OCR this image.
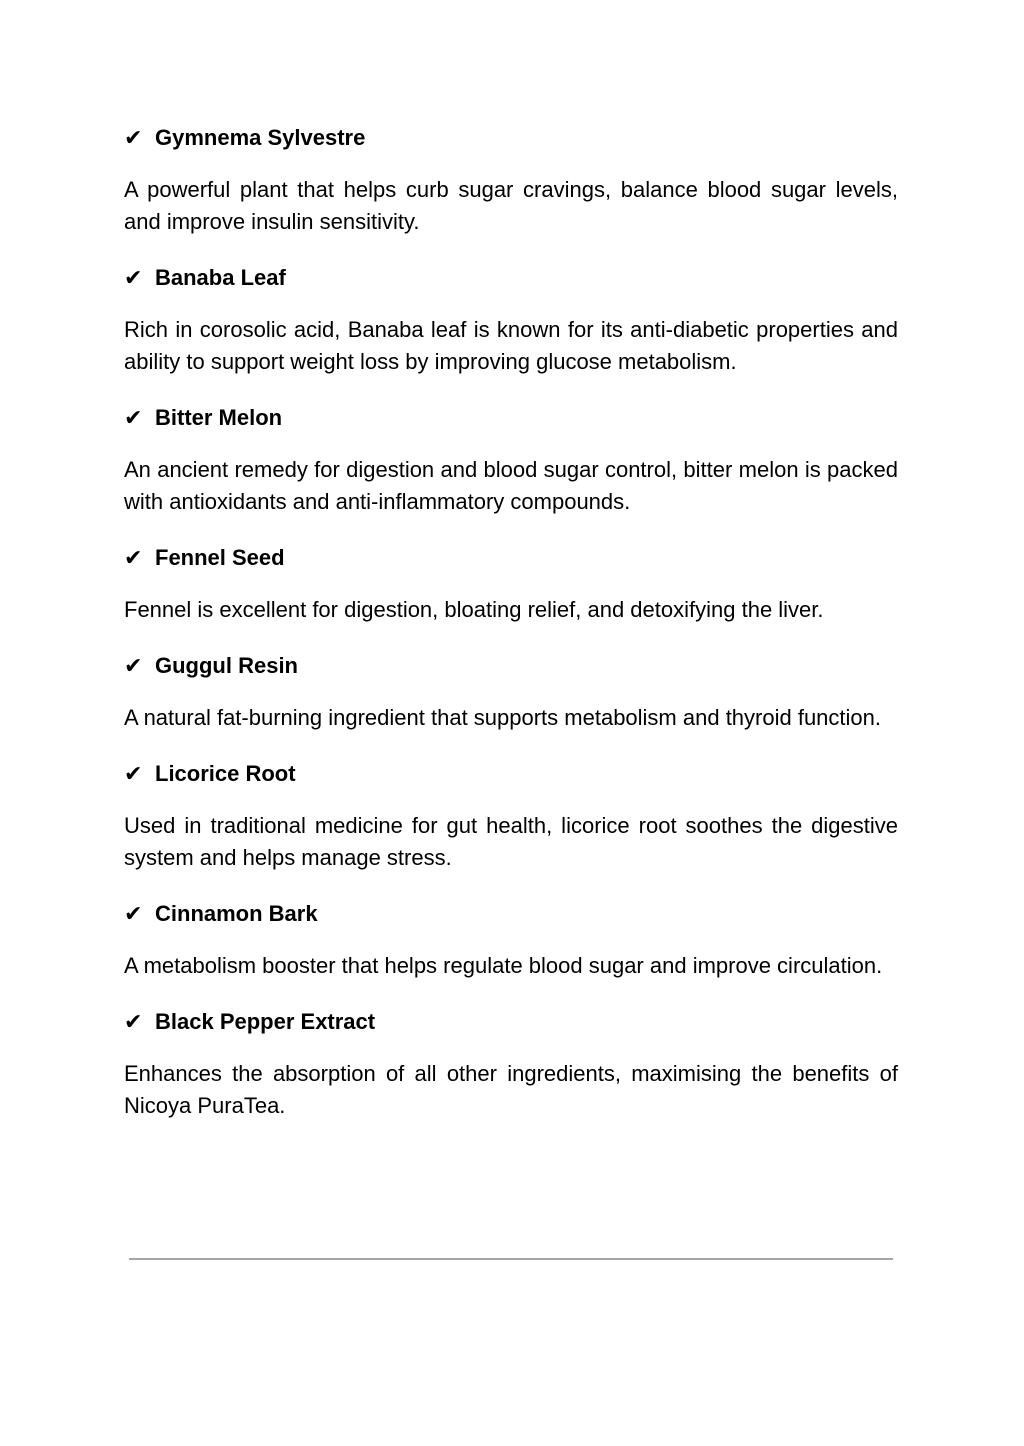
✔ Gymnema Sylvestre

A powerful plant that helps curb sugar cravings, balance blood sugar levels, and improve insulin sensitivity.

✔ Banaba Leaf

Rich in corosolic acid, Banaba leaf is known for its anti-diabetic properties and ability to support weight loss by improving glucose metabolism.

✔ Bitter Melon

An ancient remedy for digestion and blood sugar control, bitter melon is packed with antioxidants and anti-inflammatory compounds.

✔ Fennel Seed

Fennel is excellent for digestion, bloating relief, and detoxifying the liver.

✔ Guggul Resin

A natural fat-burning ingredient that supports metabolism and thyroid function.

✔ Licorice Root

Used in traditional medicine for gut health, licorice root soothes the digestive system and helps manage stress.

✔ Cinnamon Bark

A metabolism booster that helps regulate blood sugar and improve circulation.

✔ Black Pepper Extract

Enhances the absorption of all other ingredients, maximising the benefits of Nicoya PuraTea.
